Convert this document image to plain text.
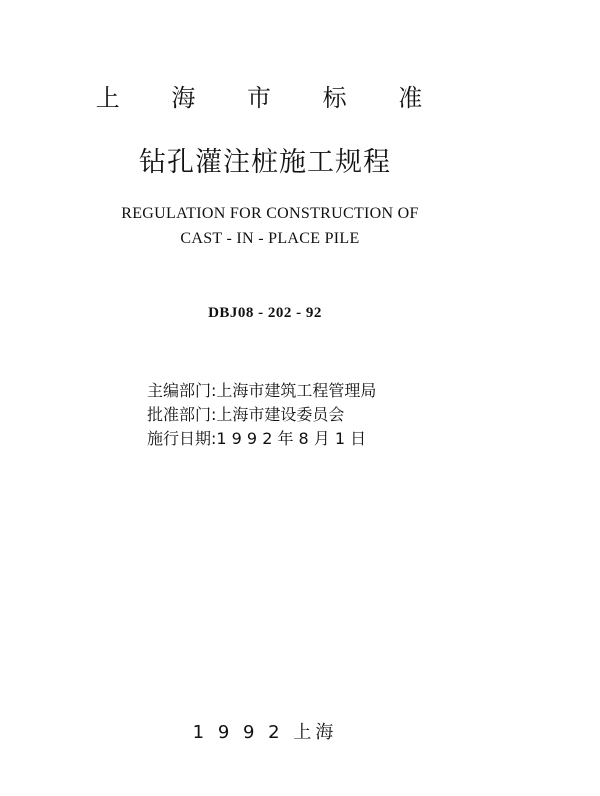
上 海 市 标 准
钻孔灌注桩施工规程
REGULATION FOR CONSTRUCTION OF
CAST - IN - PLACE PILE
DBJ08 - 202 - 92
主编部门:上海市建筑工程管理局
批准部门:上海市建设委员会
施行日期:1 9 9 2 年 8 月 1 日
1 9 9 2 上海
